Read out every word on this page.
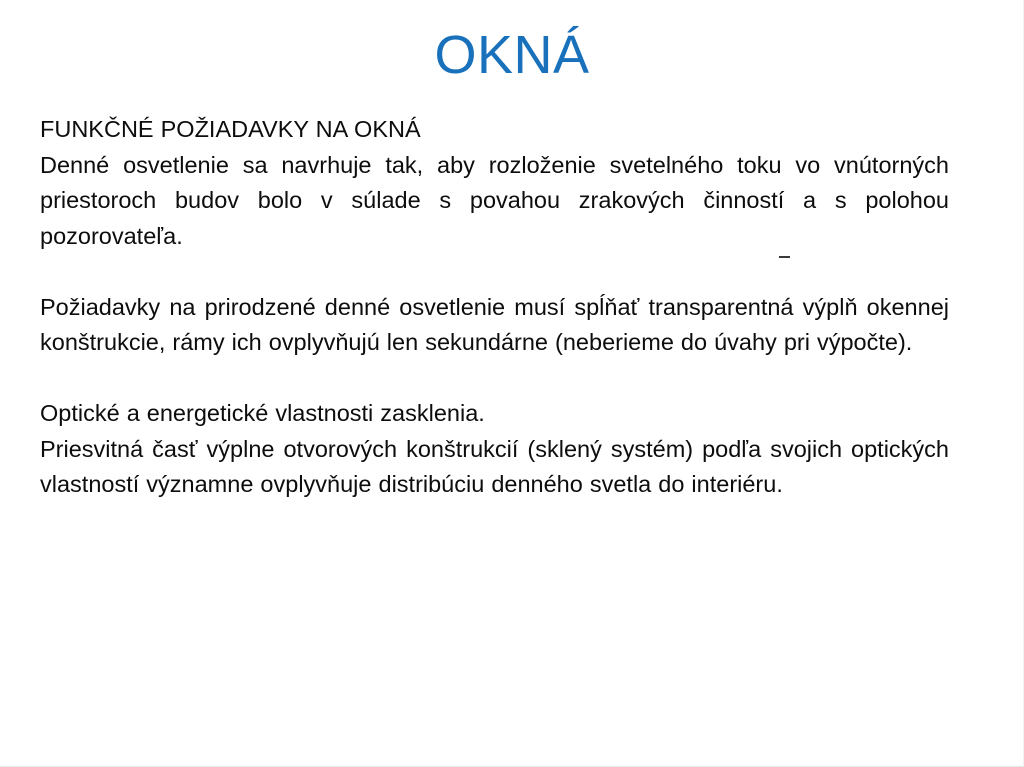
OKNÁ

FUNKČNÉ POŽIADAVKY NA OKNÁ

Denné osvetlenie sa navrhuje tak, aby rozloženie svetelného toku vo vnútorných priestoroch budov bolo v súlade s povahou zrakových činností a s polohou pozorovateľa.

Požiadavky na prirodzené denné osvetlenie musí spĺňať transparentná výplň okennej konštrukcie, rámy ich ovplyvňujú len sekundárne (neberieme do úvahy pri výpočte).

Optické a energetické vlastnosti zasklenia.

Priesvitná časť výplne otvorových konštrukcií (sklený systém) podľa svojich optických vlastností významne ovplyvňuje distribúciu denného svetla do interiéru.
